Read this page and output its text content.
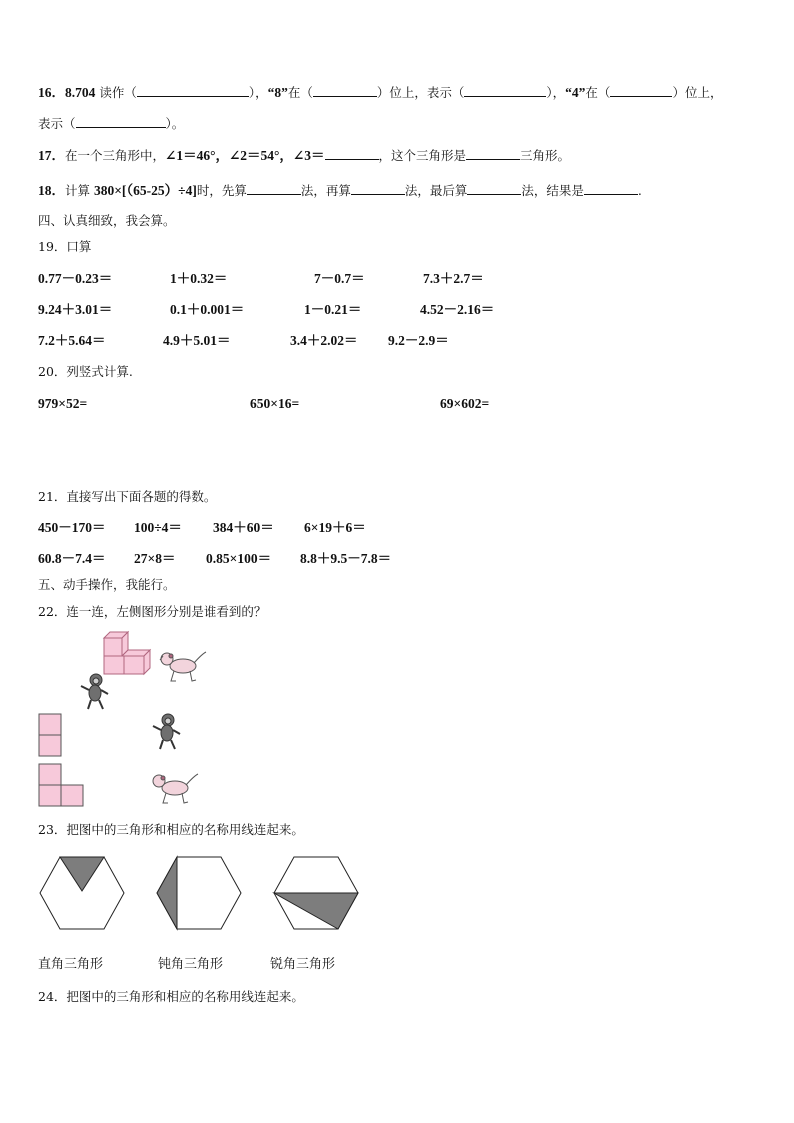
16．8.704 读作（	），“8”在（	）位上，表示（	），“4”在（	）位上，
表示（	）。
17．在一个三角形中，∠1＝46°，∠2＝54°，∠3＝	，这个三角形是	三角形。
18．计算 380×[（65-25）÷4]时，先算	法，再算	法，最后算	法，结果是	.
四、认真细致，我会算。
19．口算
0.77－0.23＝	1＋0.32＝	7－0.7＝	7.3＋2.7＝
9.24＋3.01＝	0.1＋0.001＝	1－0.21＝	4.52－2.16＝
7.2＋5.64＝	4.9＋5.01＝	3.4＋2.02＝ 9.2－2.9＝
20．列竖式计算.
979×52=	650×16=	69×602=
21．直接写出下面各题的得数。
450－170＝ 100÷4＝ 384＋60＝ 6×19＋6＝
60.8－7.4＝ 27×8＝ 0.85×100＝ 8.8＋9.5－7.8＝
五、动手操作，我能行。
22．连一连，左侧图形分别是谁看到的？
23．把图中的三角形和相应的名称用线连起来。
直角三角形	钝角三角形	锐角三角形
24．把图中的三角形和相应的名称用线连起来。
